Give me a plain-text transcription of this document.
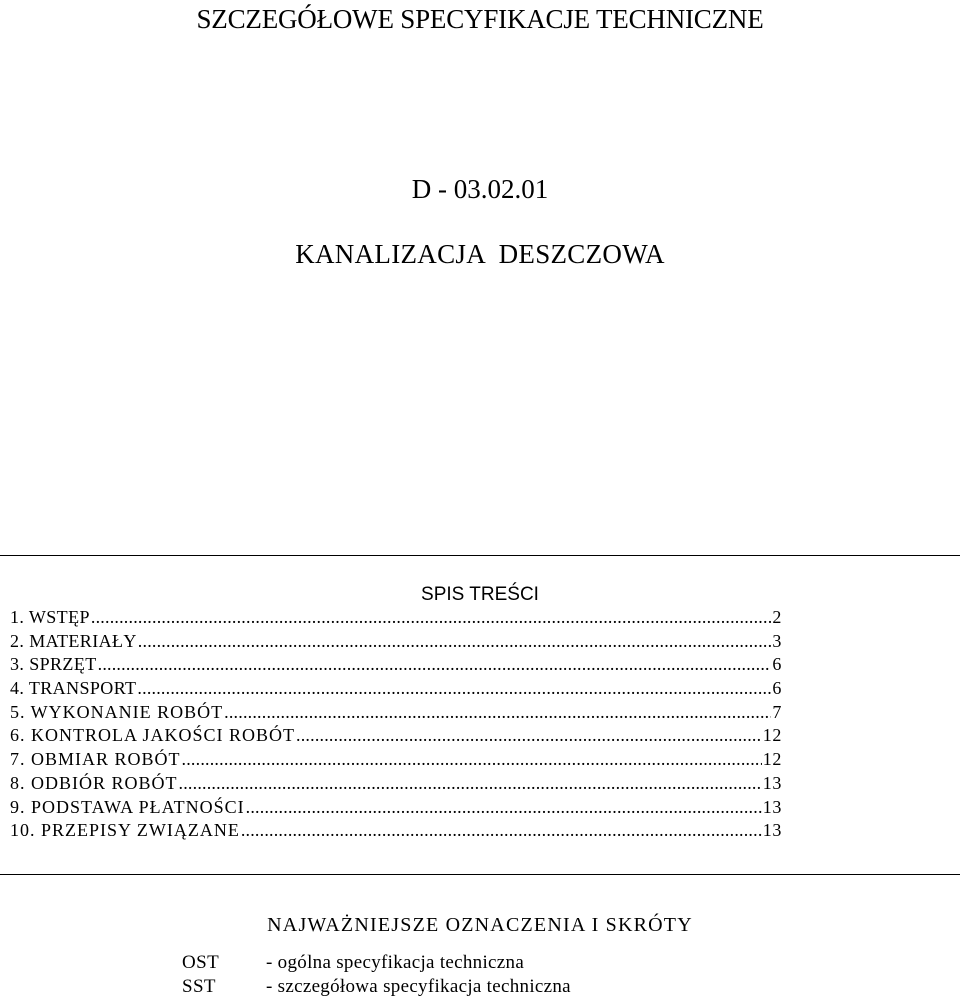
SZCZEGÓŁOWE SPECYFIKACJE TECHNICZNE
D - 03.02.01
KANALIZACJA  DESZCZOWA
SPIS TREŚCI
1. WSTĘP .....	2
2. MATERIAŁY .....	3
3. SPRZĘT .....	6
4. TRANSPORT .....	6
5. WYKONANIE ROBÓT .....	7
6. KONTROLA JAKOŚCI ROBÓT .....	12
7. OBMIAR ROBÓT .....	12
8. ODBIÓR ROBÓT .....	13
9. PODSTAWA PŁATNOŚCI .....	13
10. PRZEPISY ZWIĄZANE .....	13
NAJWAŻNIEJSZE OZNACZENIA I SKRÓTY
OST - ogólna specyfikacja techniczna
SST	- szczegółowa specyfikacja techniczna
